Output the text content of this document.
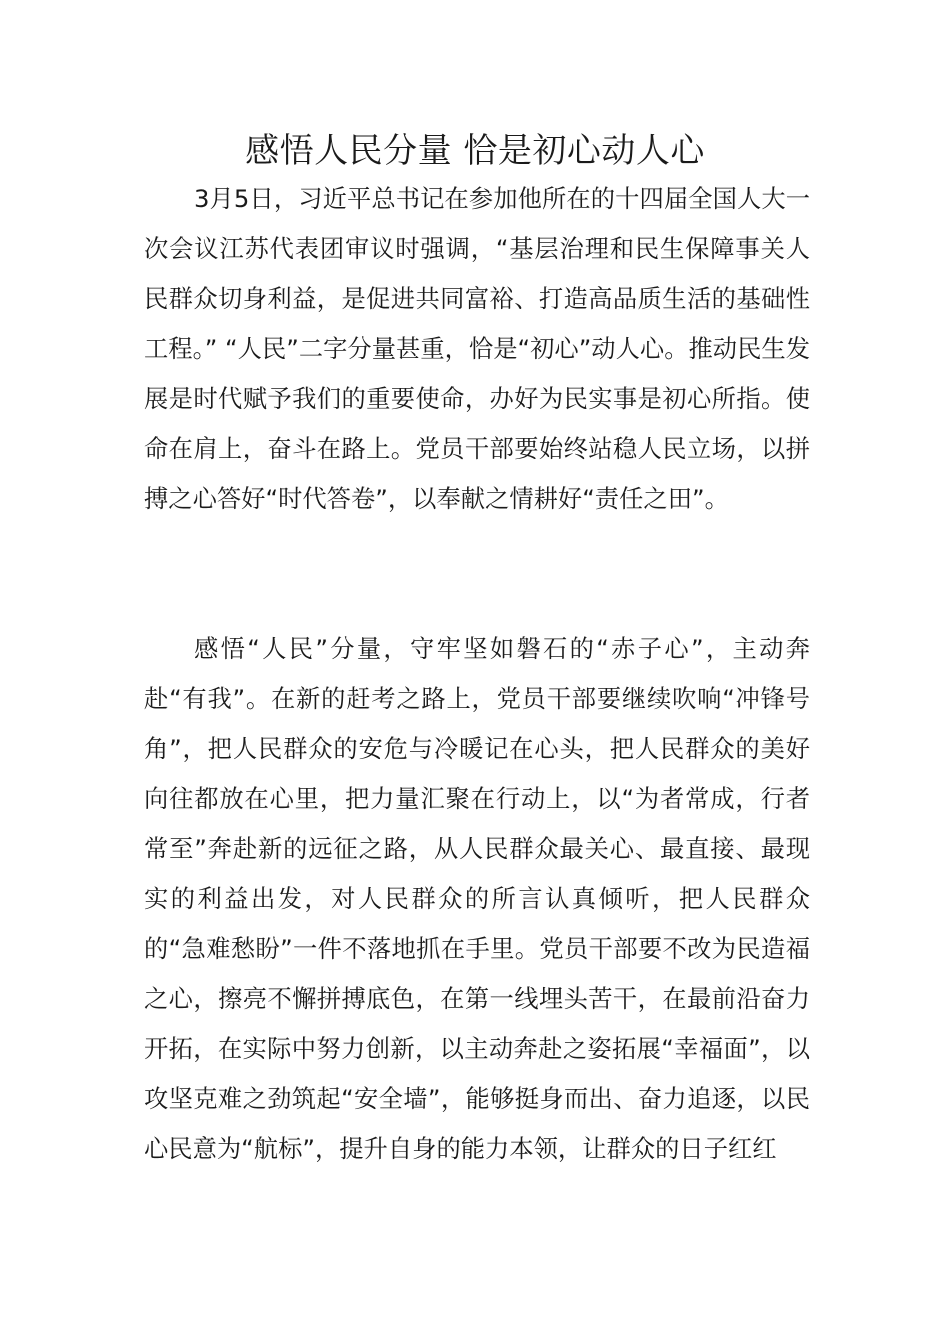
感悟人民分量 恰是初心动人心

3月5日，习近平总书记在参加他所在的十四届全国人大一次会议江苏代表团审议时强调，“基层治理和民生保障事关人民群众切身利益，是促进共同富裕、打造高品质生活的基础性工程。” “人民”二字分量甚重，恰是“初心”动人心。推动民生发展是时代赋予我们的重要使命，办好为民实事是初心所指。使命在肩上，奋斗在路上。党员干部要始终站稳人民立场，以拼搏之心答好“时代答卷”，以奉献之情耕好“责任之田”。

感悟“人民”分量，守牢坚如磐石的“赤子心”，主动奔赴“有我”。在新的赶考之路上，党员干部要继续吹响“冲锋号角”，把人民群众的安危与冷暖记在心头，把人民群众的美好向往都放在心里，把力量汇聚在行动上，以“为者常成，行者常至”奔赴新的远征之路，从人民群众最关心、最直接、最现实的利益出发，对人民群众的所言认真倾听，把人民群众的“急难愁盼”一件不落地抓在手里。党员干部要不改为民造福之心，擦亮不懈拼搏底色，在第一线埋头苦干，在最前沿奋力开拓，在实际中努力创新，以主动奔赴之姿拓展“幸福面”，以攻坚克难之劲筑起“安全墙”，能够挺身而出、奋力追逐，以民心民意为“航标”，提升自身的能力本领，让群众的日子红红
